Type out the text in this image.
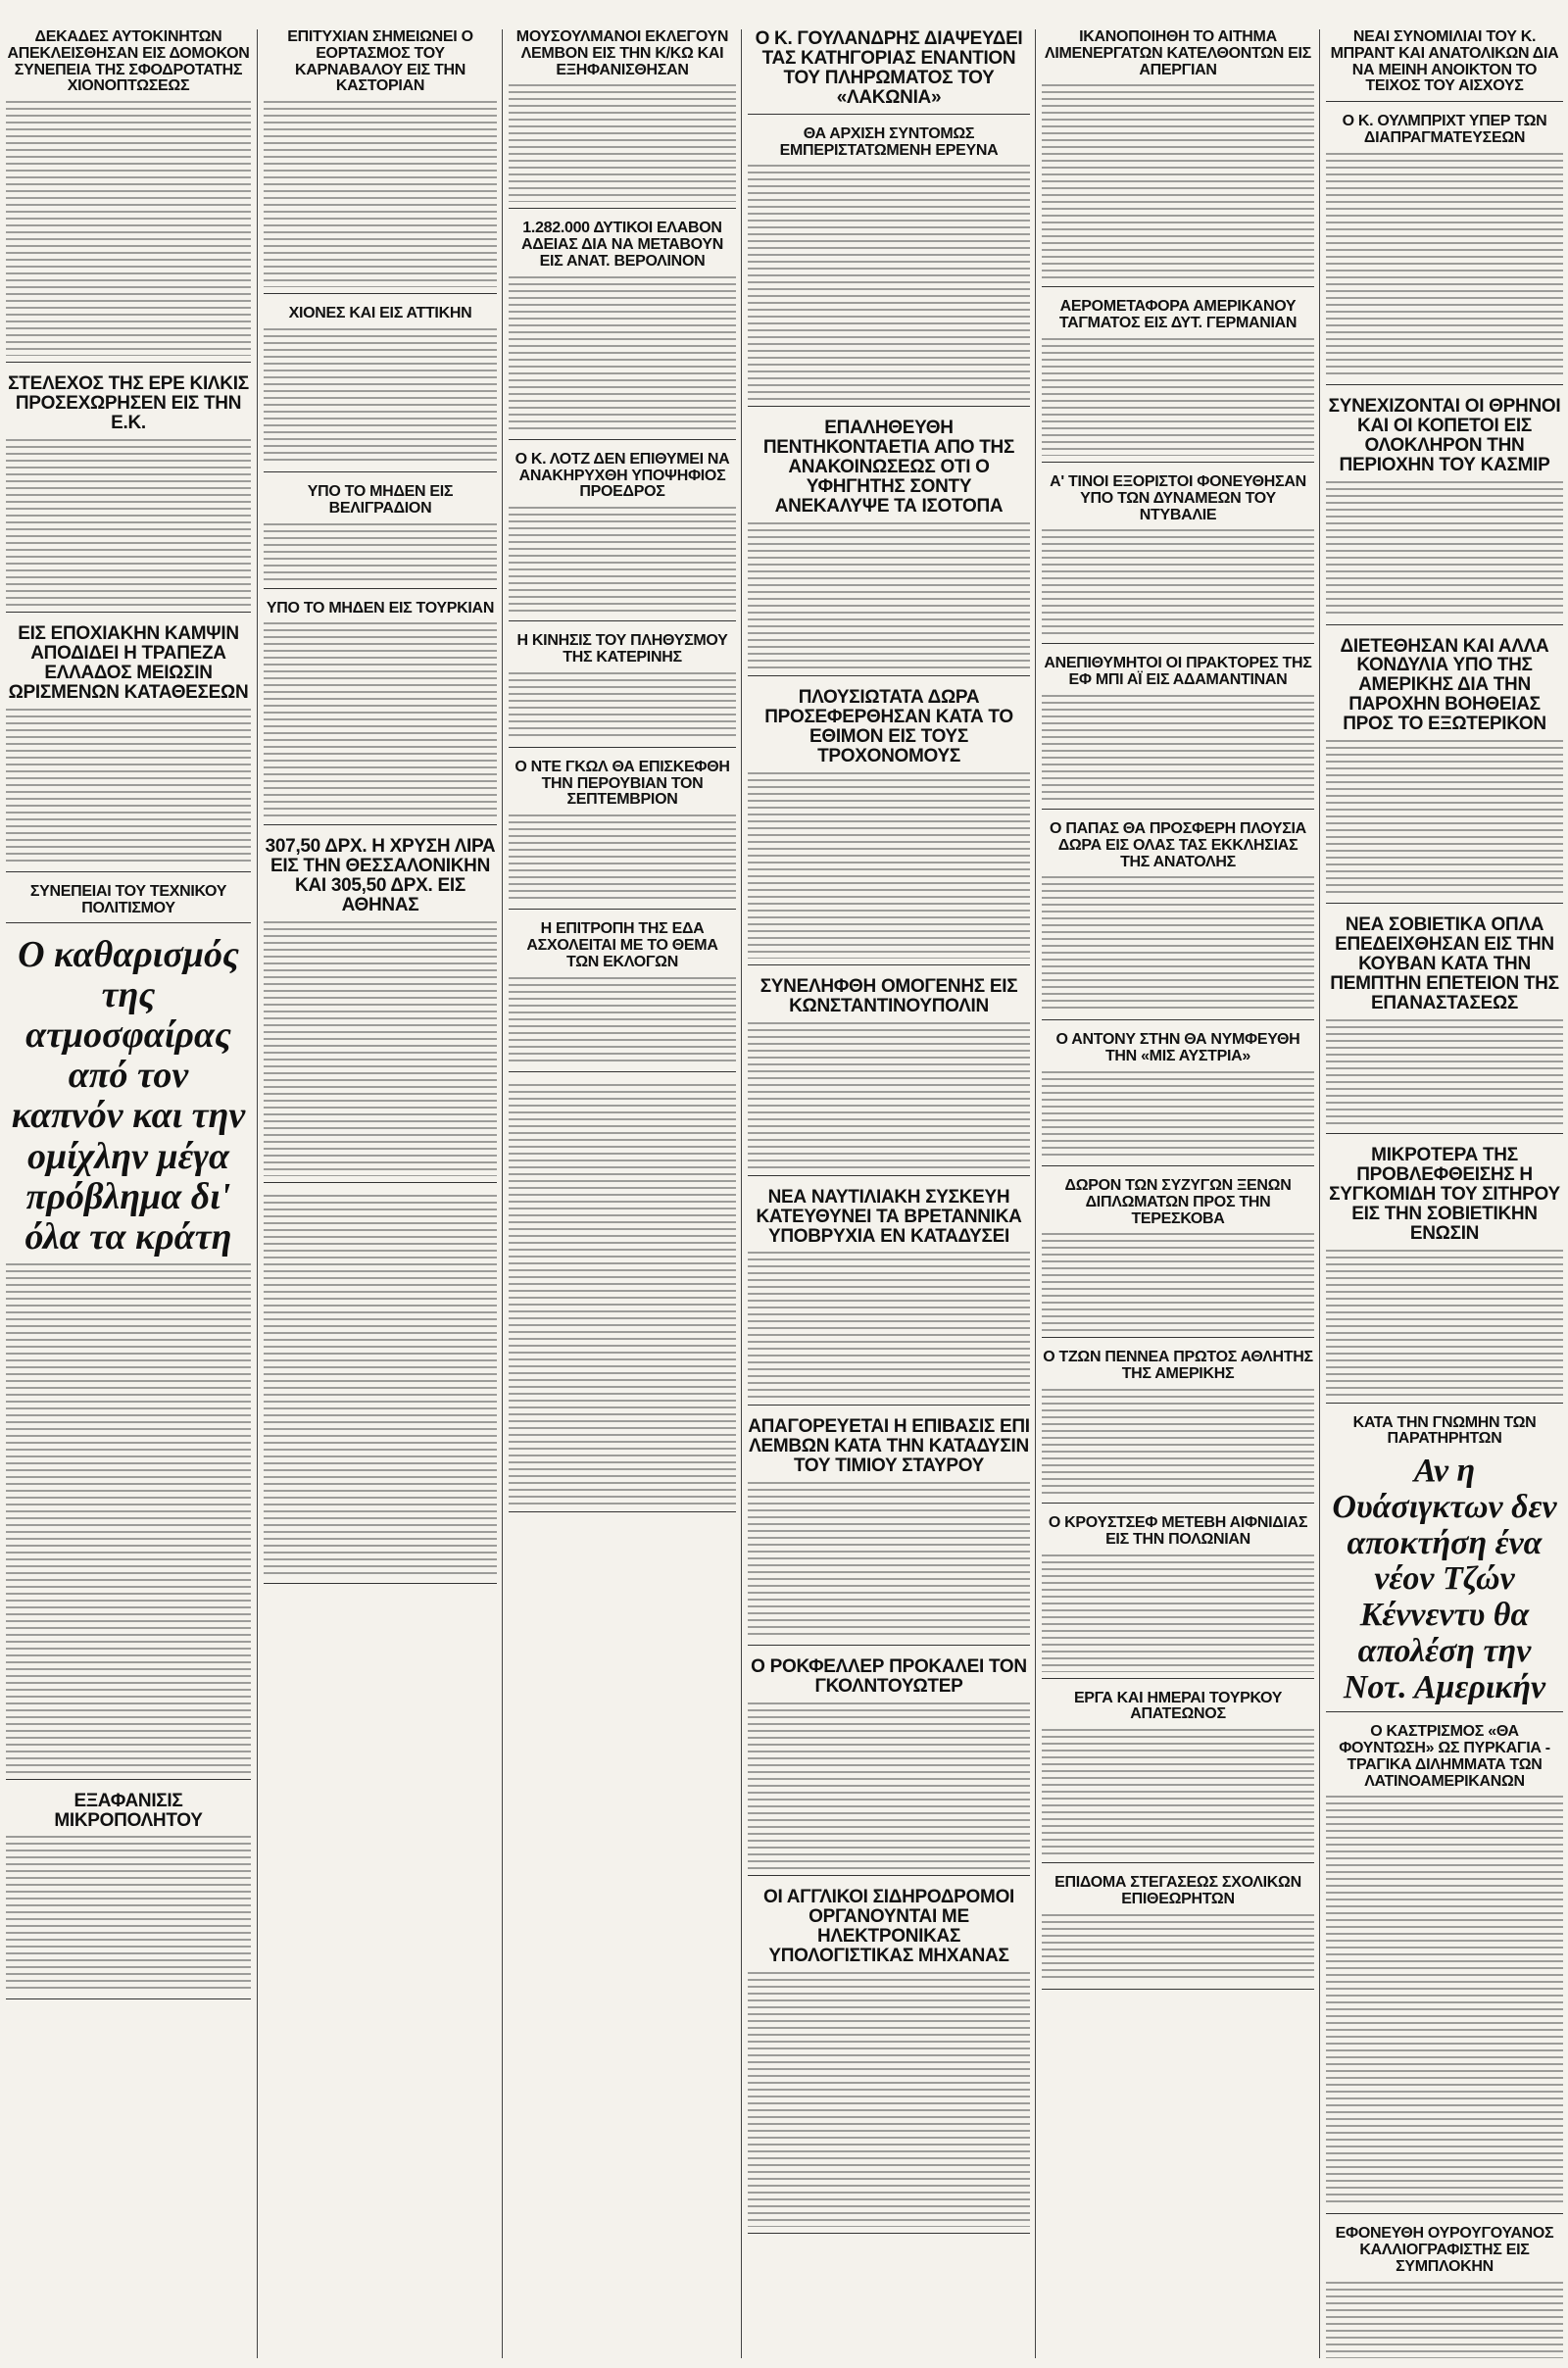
ΔΕΚΑΔΕΣ ΑΥΤΟΚΙΝΗΤΩΝ ΑΠΕΚΛΕΙΣΘΗΣΑΝ ΕΙΣ ΔΟΜΟΚΟΝ ΣΥΝΕΠΕΙΑ ΤΗΣ ΣΦΟΔΡΟΤΑΤΗΣ ΧΙΟΝΟΠΤΩΣΕΩΣ
ΣΤΕΛΕΧΟΣ ΤΗΣ ΕΡΕ ΚΙΛΚΙΣ ΠΡΟΣΕΧΩΡΗΣΕΝ ΕΙΣ ΤΗΝ Ε.Κ.
ΕΙΣ ΕΠΟΧΙΑΚΗΝ ΚΑΜΨΙΝ ΑΠΟΔΙΔΕΙ Η ΤΡΑΠΕΖΑ ΕΛΛΑΔΟΣ ΜΕΙΩΣΙΝ ΩΡΙΣΜΕΝΩΝ ΚΑΤΑΘΕΣΕΩΝ
ΣΥΝΕΠΕΙΑΙ ΤΟΥ ΤΕΧΝΙΚΟΥ ΠΟΛΙΤΙΣΜΟΥ
Ο καθαρισμός της ατμοσφαίρας από τον καπνόν και την ομίχλην μέγα πρόβλημα δι' όλα τα κράτη
ΕΞΑΦΑΝΙΣΙΣ ΜΙΚΡΟΠΟΛΗΤΟΥ
ΕΠΙΤΥΧΙΑΝ ΣΗΜΕΙΩΝΕΙ Ο ΕΟΡΤΑΣΜΟΣ ΤΟΥ ΚΑΡΝΑΒΑΛΟΥ ΕΙΣ ΤΗΝ ΚΑΣΤΟΡΙΑΝ
ΧΙΟΝΕΣ ΚΑΙ ΕΙΣ ΑΤΤΙΚΗΝ
ΥΠΟ ΤΟ ΜΗΔΕΝ ΕΙΣ ΒΕΛΙΓΡΑΔΙΟΝ
ΥΠΟ ΤΟ ΜΗΔΕΝ ΕΙΣ ΤΟΥΡΚΙΑΝ
307,50 ΔΡΧ. Η ΧΡΥΣΗ ΛΙΡΑ ΕΙΣ ΤΗΝ ΘΕΣΣΑΛΟΝΙΚΗΝ ΚΑΙ 305,50 ΔΡΧ. ΕΙΣ ΑΘΗΝΑΣ
ΜΟΥΣΟΥΛΜΑΝΟΙ ΕΚΛΕΓΟΥΝ ΛΕΜΒΟΝ ΕΙΣ ΤΗΝ Κ/ΚΩ ΚΑΙ ΕΞΗΦΑΝΙΣΘΗΣΑΝ
1.282.000 ΔΥΤΙΚΟΙ ΕΛΑΒΟΝ ΑΔΕΙΑΣ ΔΙΑ ΝΑ ΜΕΤΑΒΟΥΝ ΕΙΣ ΑΝΑΤ. ΒΕΡΟΛΙΝΟΝ
Ο Κ. ΛΟΤΖ ΔΕΝ ΕΠΙΘΥΜΕΙ ΝΑ ΑΝΑΚΗΡΥΧΘΗ ΥΠΟΨΗΦΙΟΣ ΠΡΟΕΔΡΟΣ
Η ΚΙΝΗΣΙΣ ΤΟΥ ΠΛΗΘΥΣΜΟΥ ΤΗΣ ΚΑΤΕΡΙΝΗΣ
Ο ΝΤΕ ΓΚΩΛ ΘΑ ΕΠΙΣΚΕΦΘΗ ΤΗΝ ΠΕΡΟΥΒΙΑΝ ΤΟΝ ΣΕΠΤΕΜΒΡΙΟΝ
Η ΕΠΙΤΡΟΠΗ ΤΗΣ ΕΔΑ ΑΣΧΟΛΕΙΤΑΙ ΜΕ ΤΟ ΘΕΜΑ ΤΩΝ ΕΚΛΟΓΩΝ
Ο Κ. ΓΟΥΛΑΝΔΡΗΣ ΔΙΑΨΕΥΔΕΙ ΤΑΣ ΚΑΤΗΓΟΡΙΑΣ ΕΝΑΝΤΙΟΝ ΤΟΥ ΠΛΗΡΩΜΑΤΟΣ ΤΟΥ «ΛΑΚΩΝΙΑ»
ΘΑ ΑΡΧΙΣΗ ΣΥΝΤΟΜΩΣ ΕΜΠΕΡΙΣΤΑΤΩΜΕΝΗ ΕΡΕΥΝΑ
ΕΠΑΛΗΘΕΥΘΗ ΠΕΝΤΗΚΟΝΤΑΕΤΙΑ ΑΠΟ ΤΗΣ ΑΝΑΚΟΙΝΩΣΕΩΣ ΟΤΙ Ο ΥΦΗΓΗΤΗΣ ΣΟΝΤΥ ΑΝΕΚΑΛΥΨΕ ΤΑ ΙΣΟΤΟΠΑ
ΠΛΟΥΣΙΩΤΑΤΑ ΔΩΡΑ ΠΡΟΣΕΦΕΡΘΗΣΑΝ ΚΑΤΑ ΤΟ ΕΘΙΜΟΝ ΕΙΣ ΤΟΥΣ ΤΡΟΧΟΝΟΜΟΥΣ
ΣΥΝΕΛΗΦΘΗ ΟΜΟΓΕΝΗΣ ΕΙΣ ΚΩΝΣΤΑΝΤΙΝΟΥΠΟΛΙΝ
ΝΕΑ ΝΑΥΤΙΛΙΑΚΗ ΣΥΣΚΕΥΗ ΚΑΤΕΥΘΥΝΕΙ ΤΑ ΒΡΕΤΑΝΝΙΚΑ ΥΠΟΒΡΥΧΙΑ ΕΝ ΚΑΤΑΔΥΣΕΙ
ΑΠΑΓΟΡΕΥΕΤΑΙ Η ΕΠΙΒΑΣΙΣ ΕΠΙ ΛΕΜΒΩΝ ΚΑΤΑ ΤΗΝ ΚΑΤΑΔΥΣΙΝ ΤΟΥ ΤΙΜΙΟΥ ΣΤΑΥΡΟΥ
Ο ΡΟΚΦΕΛΛΕΡ ΠΡΟΚΑΛΕΙ ΤΟΝ ΓΚΟΛΝΤΟΥΩΤΕΡ
ΟΙ ΑΓΓΛΙΚΟΙ ΣΙΔΗΡΟΔΡΟΜΟΙ ΟΡΓΑΝΟΥΝΤΑΙ ΜΕ ΗΛΕΚΤΡΟΝΙΚΑΣ ΥΠΟΛΟΓΙΣΤΙΚΑΣ ΜΗΧΑΝΑΣ
ΙΚΑΝΟΠΟΙΗΘΗ ΤΟ ΑΙΤΗΜΑ ΛΙΜΕΝΕΡΓΑΤΩΝ ΚΑΤΕΛΘΟΝΤΩΝ ΕΙΣ ΑΠΕΡΓΙΑΝ
ΑΕΡΟΜΕΤΑΦΟΡΑ ΑΜΕΡΙΚΑΝΟΥ ΤΑΓΜΑΤΟΣ ΕΙΣ ΔΥΤ. ΓΕΡΜΑΝΙΑΝ
Α' ΤΙΝΟΙ ΕΞΟΡΙΣΤΟΙ ΦΟΝΕΥΘΗΣΑΝ ΥΠΟ ΤΩΝ ΔΥΝΑΜΕΩΝ ΤΟΥ ΝΤΥΒΑΛΙΕ
ΑΝΕΠΙΘΥΜΗΤΟΙ ΟΙ ΠΡΑΚΤΟΡΕΣ ΤΗΣ ΕΦ ΜΠΙ ΑΪ ΕΙΣ ΑΔΑΜΑΝΤΙΝΑΝ
Ο ΠΑΠΑΣ ΘΑ ΠΡΟΣΦΕΡΗ ΠΛΟΥΣΙΑ ΔΩΡΑ ΕΙΣ ΟΛΑΣ ΤΑΣ ΕΚΚΛΗΣΙΑΣ ΤΗΣ ΑΝΑΤΟΛΗΣ
Ο ΑΝΤΟΝΥ ΣΤΗΝ ΘΑ ΝΥΜΦΕΥΘΗ ΤΗΝ «ΜΙΣ ΑΥΣΤΡΙΑ»
ΔΩΡΟΝ ΤΩΝ ΣΥΖΥΓΩΝ ΞΕΝΩΝ ΔΙΠΛΩΜΑΤΩΝ ΠΡΟΣ ΤΗΝ ΤΕΡΕΣΚΟΒΑ
Ο ΤΖΩΝ ΠΕΝΝΕΑ ΠΡΩΤΟΣ ΑΘΛΗΤΗΣ ΤΗΣ ΑΜΕΡΙΚΗΣ
Ο ΚΡΟΥΣΤΣΕΦ ΜΕΤΕΒΗ ΑΙΦΝΙΔΙΑΣ ΕΙΣ ΤΗΝ ΠΟΛΩΝΙΑΝ
ΕΡΓΑ ΚΑΙ ΗΜΕΡΑΙ ΤΟΥΡΚΟΥ ΑΠΑΤΕΩΝΟΣ
ΕΠΙΔΟΜΑ ΣΤΕΓΑΣΕΩΣ ΣΧΟΛΙΚΩΝ ΕΠΙΘΕΩΡΗΤΩΝ
ΝΕΑΙ ΣΥΝΟΜΙΛΙΑΙ ΤΟΥ Κ. ΜΠΡΑΝΤ ΚΑΙ ΑΝΑΤΟΛΙΚΩΝ ΔΙΑ ΝΑ ΜΕΙΝΗ ΑΝΟΙΚΤΟΝ ΤΟ ΤΕΙΧΟΣ ΤΟΥ ΑΙΣΧΟΥΣ
Ο Κ. ΟΥΛΜΠΡΙΧΤ ΥΠΕΡ ΤΩΝ ΔΙΑΠΡΑΓΜΑΤΕΥΣΕΩΝ
ΣΥΝΕΧΙΖΟΝΤΑΙ ΟΙ ΘΡΗΝΟΙ ΚΑΙ ΟΙ ΚΟΠΕΤΟΙ ΕΙΣ ΟΛΟΚΛΗΡΟΝ ΤΗΝ ΠΕΡΙΟΧΗΝ ΤΟΥ ΚΑΣΜΙΡ
ΔΙΕΤΕΘΗΣΑΝ ΚΑΙ ΑΛΛΑ ΚΟΝΔΥΛΙΑ ΥΠΟ ΤΗΣ ΑΜΕΡΙΚΗΣ ΔΙΑ ΤΗΝ ΠΑΡΟΧΗΝ ΒΟΗΘΕΙΑΣ ΠΡΟΣ ΤΟ ΕΞΩΤΕΡΙΚΟΝ
ΝΕΑ ΣΟΒΙΕΤΙΚΑ ΟΠΛΑ ΕΠΕΔΕΙΧΘΗΣΑΝ ΕΙΣ ΤΗΝ ΚΟΥΒΑΝ ΚΑΤΑ ΤΗΝ ΠΕΜΠΤΗΝ ΕΠΕΤΕΙΟΝ ΤΗΣ ΕΠΑΝΑΣΤΑΣΕΩΣ
ΜΙΚΡΟΤΕΡΑ ΤΗΣ ΠΡΟΒΛΕΦΘΕΙΣΗΣ Η ΣΥΓΚΟΜΙΔΗ ΤΟΥ ΣΙΤΗΡΟΥ ΕΙΣ ΤΗΝ ΣΟΒΙΕΤΙΚΗΝ ΕΝΩΣΙΝ
ΚΑΤΑ ΤΗΝ ΓΝΩΜΗΝ ΤΩΝ ΠΑΡΑΤΗΡΗΤΩΝ
Αν η Ουάσιγκτων δεν αποκτήση ένα νέον Τζών Κέννεντυ θα απολέση την Νοτ. Αμερικήν
Ο ΚΑΣΤΡΙΣΜΟΣ «ΘΑ ΦΟΥΝΤΩΣΗ» ΩΣ ΠΥΡΚΑΓΙΑ - ΤΡΑΓΙΚΑ ΔΙΛΗΜΜΑΤΑ ΤΩΝ ΛΑΤΙΝΟΑΜΕΡΙΚΑΝΩΝ
ΕΦΟΝΕΥΘΗ ΟΥΡΟΥΓΟΥΑΝΟΣ ΚΑΛΛΙΟΓΡΑΦΙΣΤΗΣ ΕΙΣ ΣΥΜΠΛΟΚΗΝ
